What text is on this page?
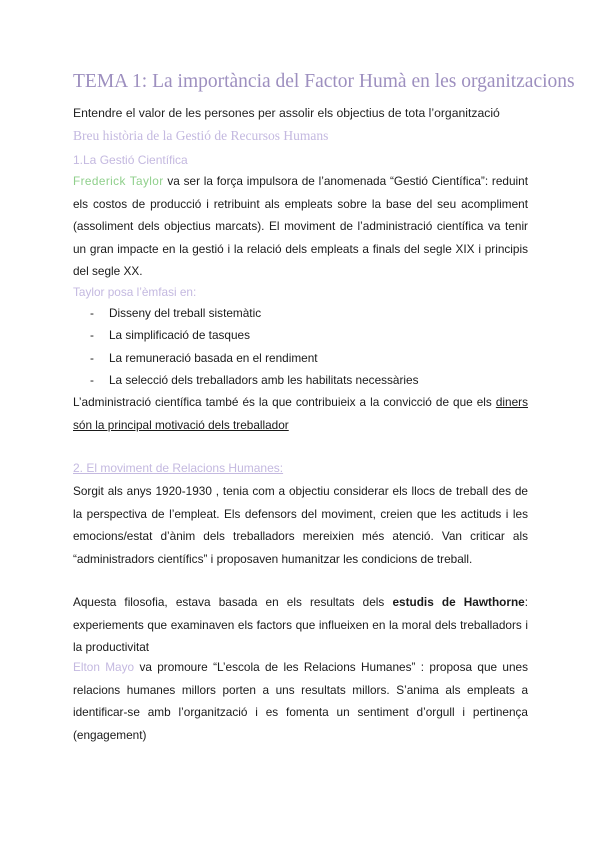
TEMA 1: La importància del Factor Humà en les organitzacions
Entendre el valor de les persones per assolir els objectius de tota l’organització
Breu història de la Gestió de Recursos Humans
1.La Gestió Científica
Frederick Taylor va ser la força impulsora de l’anomenada “Gestió Científica”: reduint els costos de producció i retribuint als empleats sobre la base del seu acompliment (assoliment dels objectius marcats). El moviment de l’administració científica va tenir un gran impacte en la gestió i la relació dels empleats a finals del segle XIX i principis del segle XX.
Taylor posa l’èmfasi en:
- Disseny del treball sistemàtic
- La simplificació de tasques
- La remuneració basada en el rendiment
- La selecció dels treballadors amb les habilitats necessàries
L’administració científica també és la que contribuieix a la convicció de que els diners són la principal motivació dels treballador
2. El moviment de Relacions Humanes:
Sorgit als anys 1920-1930 , tenia com a objectiu considerar els llocs de treball des de la perspectiva de l’empleat. Els defensors del moviment, creien que les actituds i les emocions/estat d’ànim dels treballadors mereixien més atenció. Van criticar als “administradors científics” i proposaven humanitzar les condicions de treball.
Aquesta filosofia, estava basada en els resultats dels estudis de Hawthorne: experiements que examinaven els factors que influeixen en la moral dels treballadors i la productivitat
Elton Mayo va promoure “L’escola de les Relacions Humanes” : proposa que unes relacions humanes millors porten a uns resultats millors. S’anima als empleats a identificar-se amb l’organització i es fomenta un sentiment d’orgull i pertinença (engagement)
